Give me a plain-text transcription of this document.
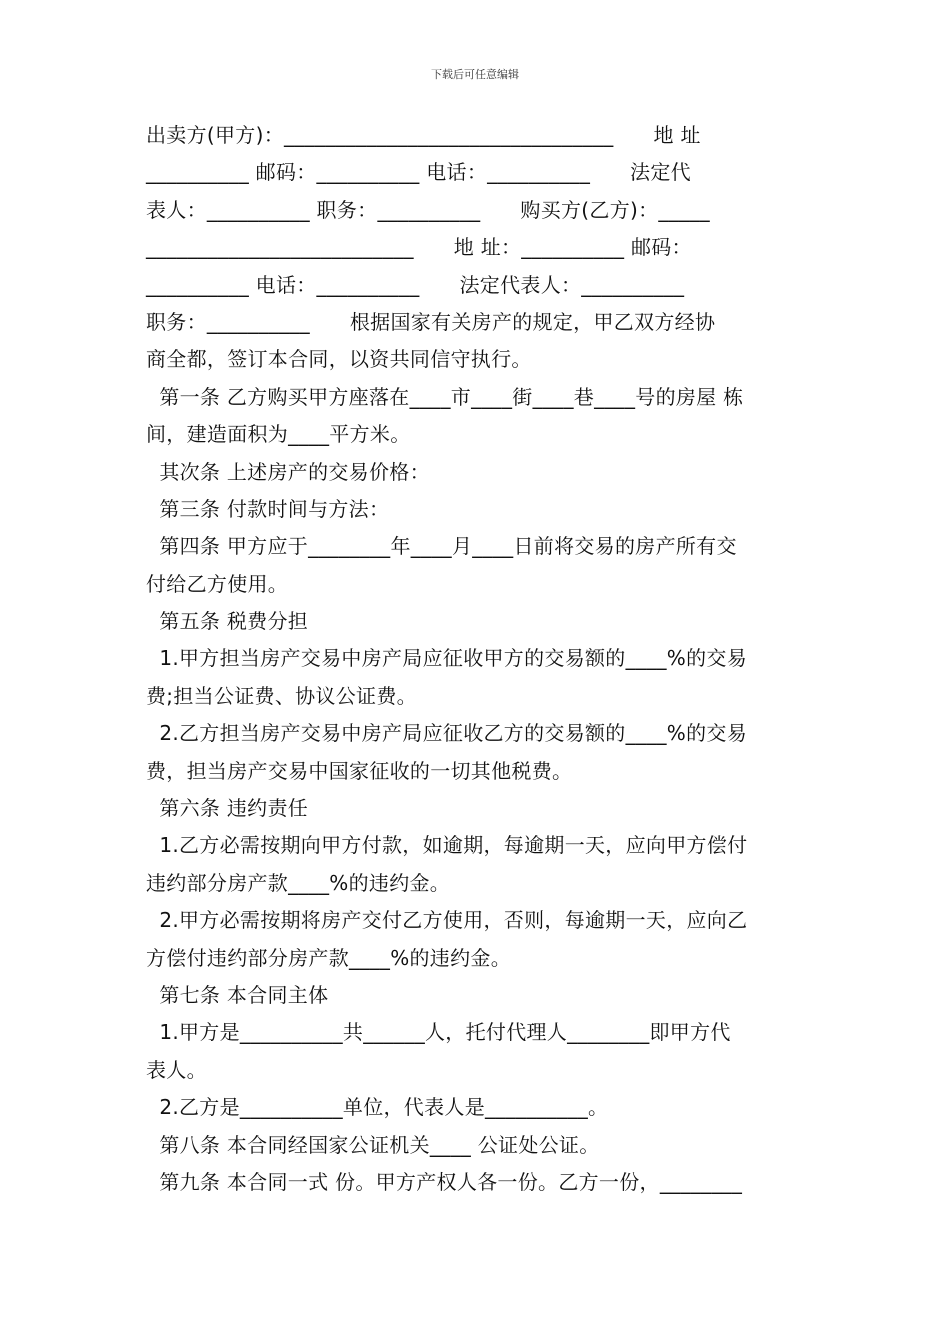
下载后可任意编辑
出卖方(甲方)：________________________________      地 址
__________ 邮码：__________ 电话：__________      法定代
表人：__________ 职务：__________      购买方(乙方)：_____
__________________________      地 址：__________ 邮码：
__________ 电话：__________      法定代表人：__________
职务：__________      根据国家有关房产的规定，甲乙双方经协
商全都，签订本合同，以资共同信守执行。
第一条 乙方购买甲方座落在____市____街____巷____号的房屋 栋
间，建造面积为____平方米。
其次条 上述房产的交易价格：
第三条 付款时间与方法：
第四条 甲方应于________年____月____日前将交易的房产所有交
付给乙方使用。
第五条 税费分担
1.甲方担当房产交易中房产局应征收甲方的交易额的____%的交易
费;担当公证费、协议公证费。
2.乙方担当房产交易中房产局应征收乙方的交易额的____%的交易
费，担当房产交易中国家征收的一切其他税费。
第六条 违约责任
1.乙方必需按期向甲方付款，如逾期，每逾期一天，应向甲方偿付
违约部分房产款____%的违约金。
2.甲方必需按期将房产交付乙方使用，否则，每逾期一天，应向乙
方偿付违约部分房产款____%的违约金。
第七条 本合同主体
1.甲方是__________共______人，托付代理人________即甲方代
表人。
2.乙方是__________单位，代表人是__________。
第八条 本合同经国家公证机关____ 公证处公证。
第九条 本合同一式 份。甲方产权人各一份。乙方一份，________
